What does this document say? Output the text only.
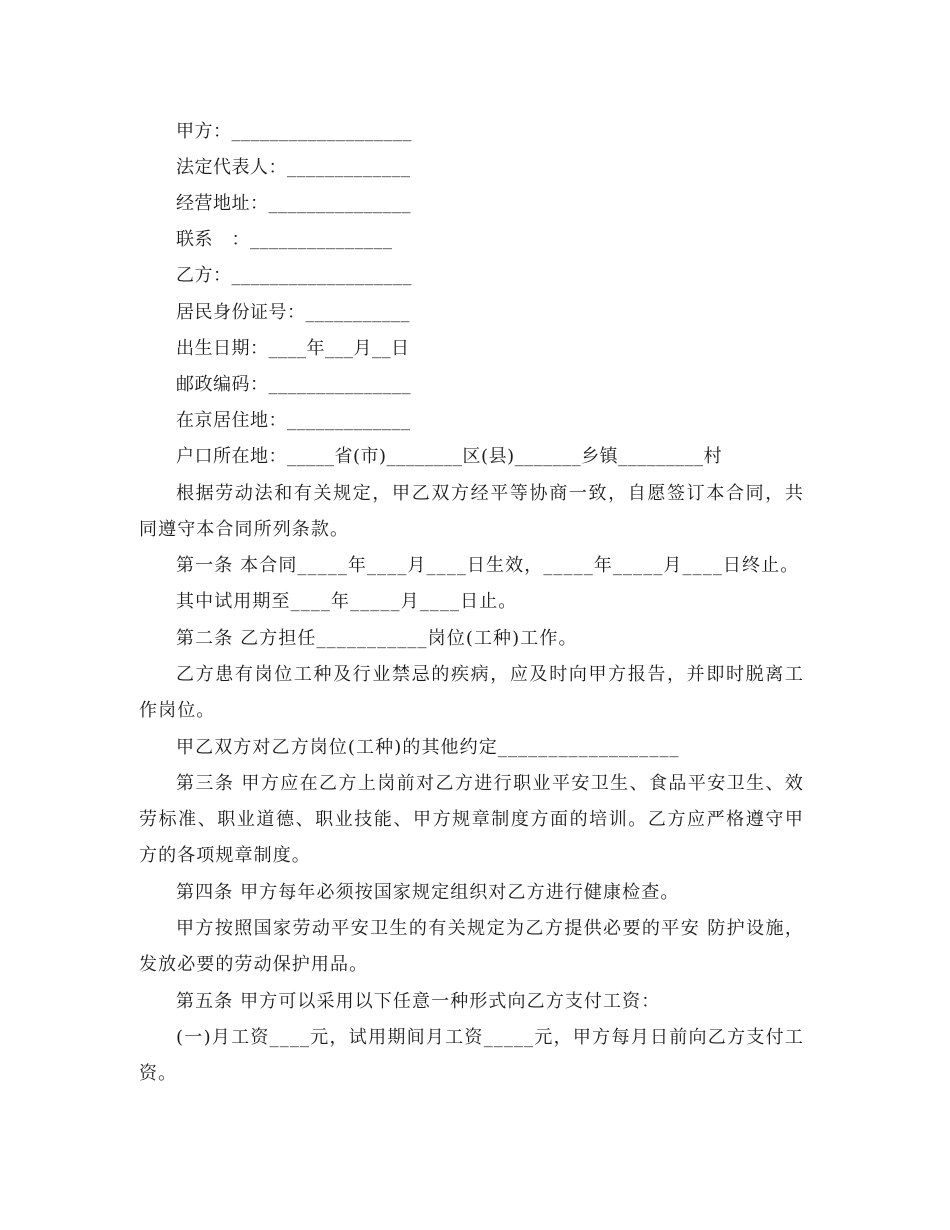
甲方：___________________
法定代表人：_____________
经营地址：_______________
联系　：_______________
乙方：___________________
居民身份证号：___________
出生日期：____年___月__日
邮政编码：_______________
在京居住地：_____________
户口所在地：_____省(市)________区(县)_______乡镇_________村
根据劳动法和有关规定，甲乙双方经平等协商一致，自愿签订本合同，共同遵守本合同所列条款。
第一条 本合同_____年____月____日生效，_____年_____月____日终止。
其中试用期至____年_____月____日止。
第二条 乙方担任___________岗位(工种)工作。
乙方患有岗位工种及行业禁忌的疾病，应及时向甲方报告，并即时脱离工作岗位。
甲乙双方对乙方岗位(工种)的其他约定__________________
第三条 甲方应在乙方上岗前对乙方进行职业平安卫生、食品平安卫生、效劳标准、职业道德、职业技能、甲方规章制度方面的培训。乙方应严格遵守甲方的各项规章制度。
第四条 甲方每年必须按国家规定组织对乙方进行健康检查。
甲方按照国家劳动平安卫生的有关规定为乙方提供必要的平安 防护设施，发放必要的劳动保护用品。
第五条 甲方可以采用以下任意一种形式向乙方支付工资：
(一)月工资____元，试用期间月工资_____元，甲方每月日前向乙方支付工资。
